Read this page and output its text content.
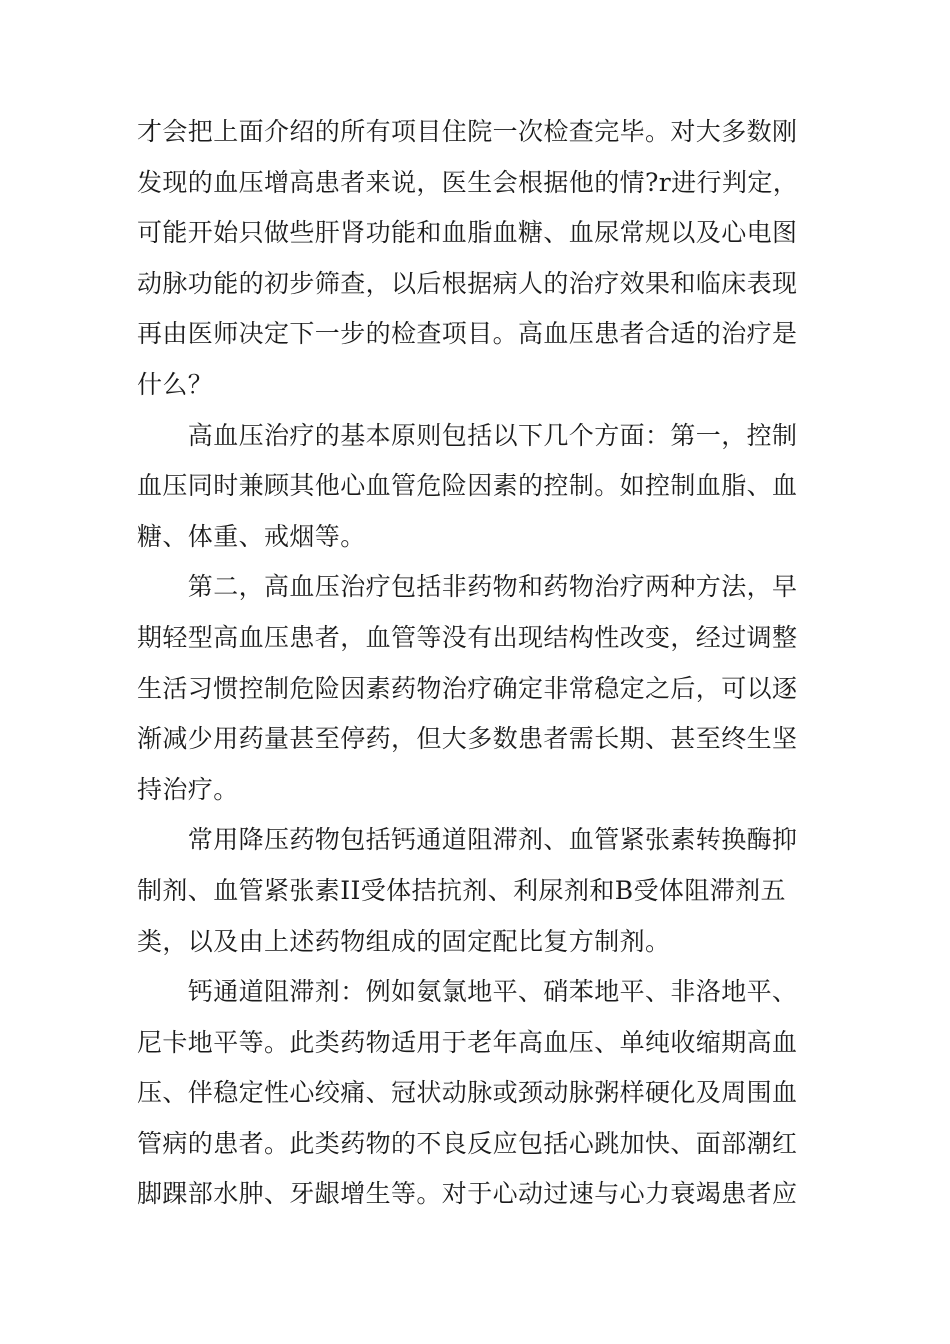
才会把上面介绍的所有项目住院一次检查完毕。对大多数刚
发现的血压增高患者来说，医生会根据他的情?r进行判定，
可能开始只做些肝肾功能和血脂血糖、血尿常规以及心电图
动脉功能的初步筛查，以后根据病人的治疗效果和临床表现
再由医师决定下一步的检查项目。高血压患者合适的治疗是
什么？
　　高血压治疗的基本原则包括以下几个方面：第一，控制
血压同时兼顾其他心血管危险因素的控制。如控制血脂、血
糖、体重、戒烟等。
　　第二，高血压治疗包括非药物和药物治疗两种方法，早
期轻型高血压患者，血管等没有出现结构性改变，经过调整
生活习惯控制危险因素药物治疗确定非常稳定之后，可以逐
渐减少用药量甚至停药，但大多数患者需长期、甚至终生坚
持治疗。
　　常用降压药物包括钙通道阻滞剂、血管紧张素转换酶抑
制剂、血管紧张素II受体拮抗剂、利尿剂和B受体阻滞剂五
类，以及由上述药物组成的固定配比复方制剂。
　　钙通道阻滞剂：例如氨氯地平、硝苯地平、非洛地平、
尼卡地平等。此类药物适用于老年高血压、单纯收缩期高血
压、伴稳定性心绞痛、冠状动脉或颈动脉粥样硬化及周围血
管病的患者。此类药物的不良反应包括心跳加快、面部潮红
脚踝部水肿、牙龈增生等。对于心动过速与心力衰竭患者应
